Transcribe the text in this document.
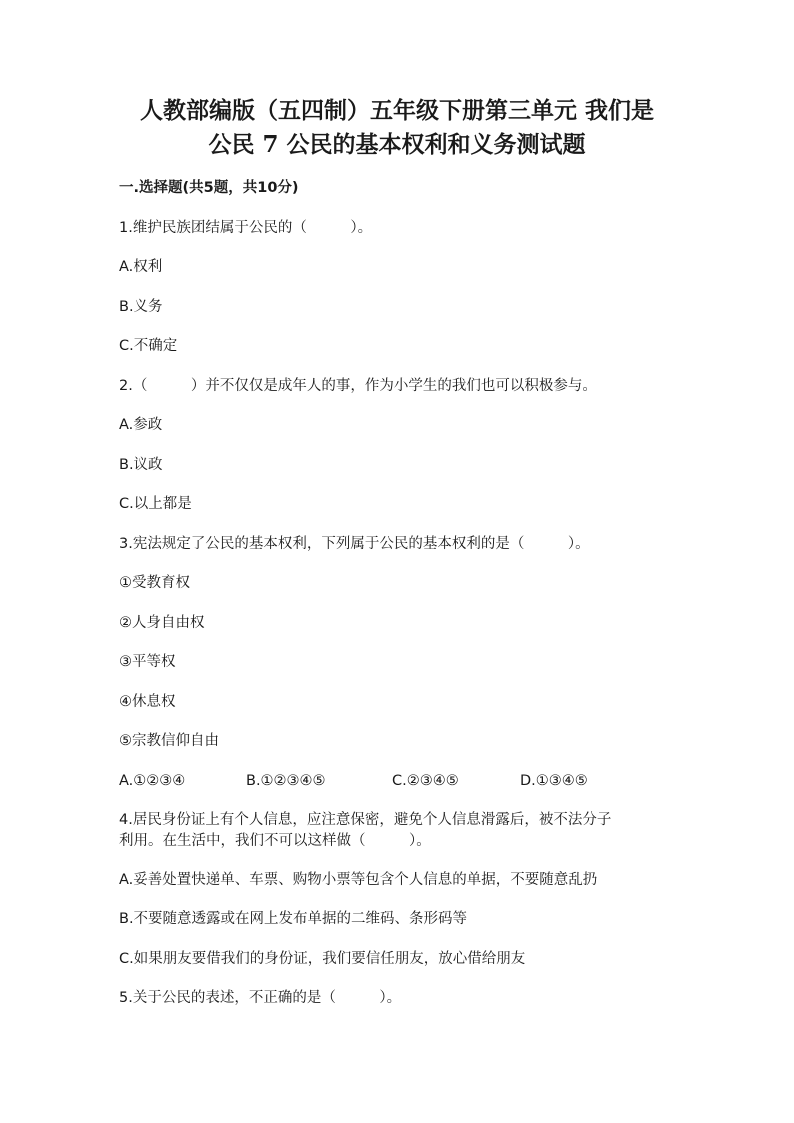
人教部编版（五四制）五年级下册第三单元 我们是
公民 7 公民的基本权利和义务测试题
一.选择题(共5题，共10分)
1.维护民族团结属于公民的（　　　）。
A.权利
B.义务
C.不确定
2.（　　　）并不仅仅是成年人的事，作为小学生的我们也可以积极参与。
A.参政
B.议政
C.以上都是
3.宪法规定了公民的基本权利，下列属于公民的基本权利的是（　　　）。
①受教育权
②人身自由权
③平等权
④休息权
⑤宗教信仰自由
A.①②③④	B.①②③④⑤	C.②③④⑤	D.①③④⑤
4.居民身份证上有个人信息，应注意保密，避免个人信息滑露后，被不法分子
利用。在生活中，我们不可以这样做（　　　）。
A.妥善处置快递单、车票、购物小票等包含个人信息的单据，不要随意乱扔
B.不要随意透露或在网上发布单据的二维码、条形码等
C.如果朋友要借我们的身份证，我们要信任朋友，放心借给朋友
5.关于公民的表述，不正确的是（　　　）。
